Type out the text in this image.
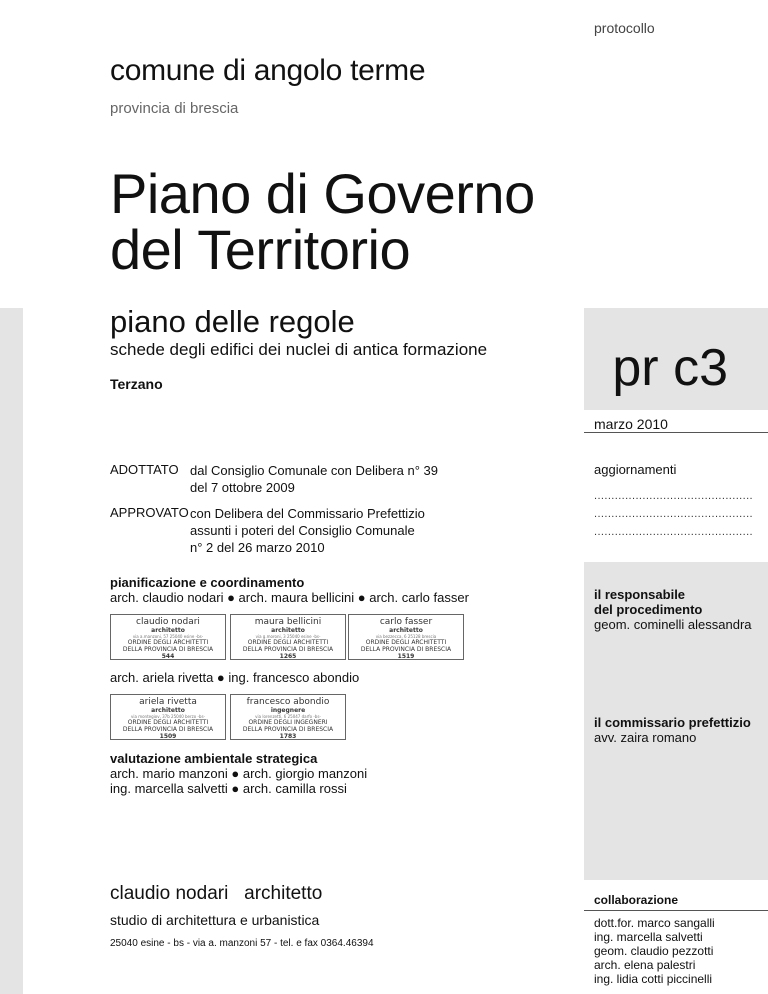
protocollo
comune di angolo terme
provincia di brescia
Piano di Governo
del Territorio
piano delle regole
schede degli edifici dei nuclei di antica formazione
Terzano	pr c3
marzo 2010
ADOTTATO dal Consiglio Comunale con Delibera n° 39
del 7 ottobre 2009
APPROVATO con Delibera del Commissario Prefettizio
assunti i poteri del Consiglio Comunale
n° 2 del 26 marzo 2010
aggiornamenti
..............................................
..............................................
..............................................
pianificazione e coordinamento
arch. claudio nodari ● arch. maura bellicini ● arch. carlo fasser
claudio nodari
architetto
via a.manzoni, 57 25040 esine -bs-
ORDINE DEGLI ARCHITETTI
DELLA PROVINCIA DI BRESCIA
544
maura bellicini
architetto
via g.moroni, 3 25040 esine -bs-
ORDINE DEGLI ARCHITETTI
DELLA PROVINCIA DI BRESCIA
1265
carlo fasser
architetto
via bezzecca, 6 25128 brescia
ORDINE DEGLI ARCHITETTI
DELLA PROVINCIA DI BRESCIA
1519
arch. ariela rivetta ● ing. francesco abondio
ariela rivetta
architetto
via montegiov, 37b 25040 berzo -bs-
ORDINE DEGLI ARCHITETTI
DELLA PROVINCIA DI BRESCIA
1509
francesco abondio
ingegnere
via lorenzetti, 6 25047 darfo -bs-
ORDINE DEGLI INGEGNERI
DELLA PROVINCIA DI BRESCIA
1783
valutazione ambientale strategica
arch. mario manzoni ● arch. giorgio manzoni
ing. marcella salvetti ● arch. camilla rossi
il responsabile
del procedimento
geom. cominelli alessandra
il commissario prefettizio
avv. zaira romano
claudio nodari   architetto
studio di architettura e urbanistica
25040 esine - bs - via a. manzoni 57 - tel. e fax 0364.46394
collaborazione
dott.for. marco sangalli
ing. marcella salvetti
geom. claudio pezzotti
arch. elena palestri
ing. lidia cotti piccinelli
